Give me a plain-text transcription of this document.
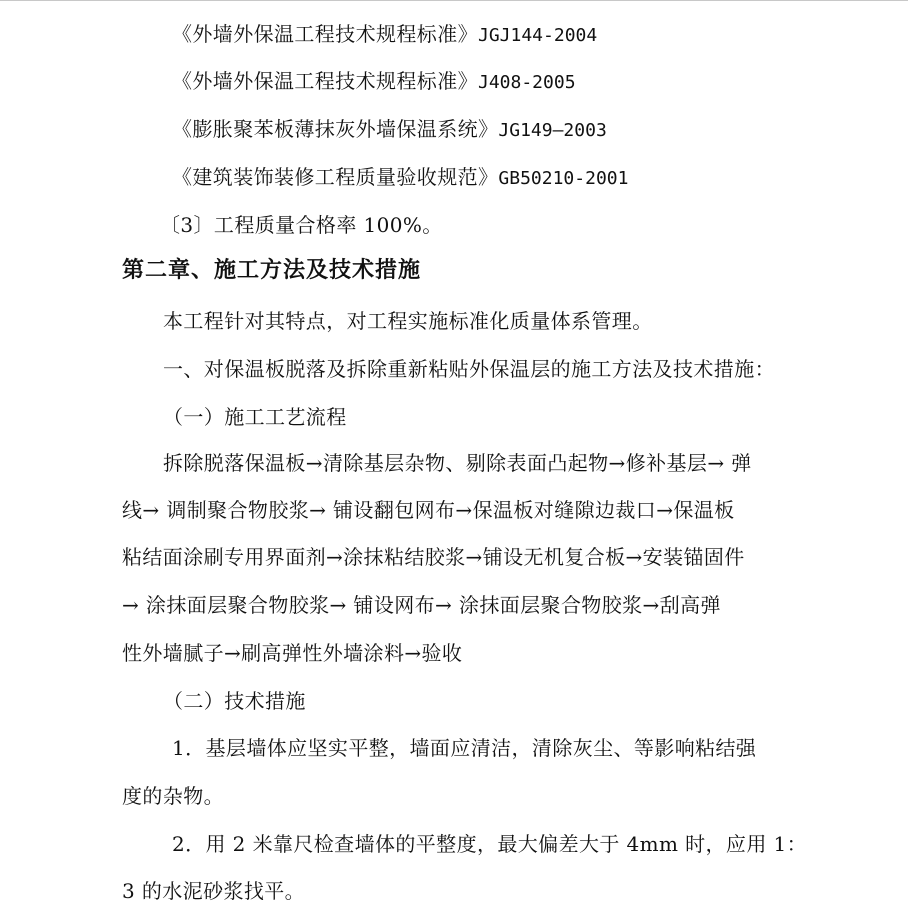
《外墙外保温工程技术规程标准》JGJ144-2004
《外墙外保温工程技术规程标准》J408-2005
《膨胀聚苯板薄抹灰外墙保温系统》JG149—2003
《建筑装饰装修工程质量验收规范》GB50210-2001
〔3〕工程质量合格率 100%。
第二章、施工方法及技术措施
本工程针对其特点，对工程实施标准化质量体系管理。
一、对保温板脱落及拆除重新粘贴外保温层的施工方法及技术措施：
（一）施工工艺流程
拆除脱落保温板→清除基层杂物、剔除表面凸起物→修补基层→ 弹
线→ 调制聚合物胶浆→ 铺设翻包网布→保温板对缝隙边裁口→保温板
粘结面涂刷专用界面剂→涂抹粘结胶浆→铺设无机复合板→安装锚固件
→ 涂抹面层聚合物胶浆→ 铺设网布→ 涂抹面层聚合物胶浆→刮高弹
性外墙腻子→刷高弹性外墙涂料→验收
（二）技术措施
1．基层墙体应坚实平整，墙面应清洁，清除灰尘、等影响粘结强
度的杂物。
2．用 2 米靠尺检查墙体的平整度，最大偏差大于 4mm 时，应用 1：
3 的水泥砂浆找平。
